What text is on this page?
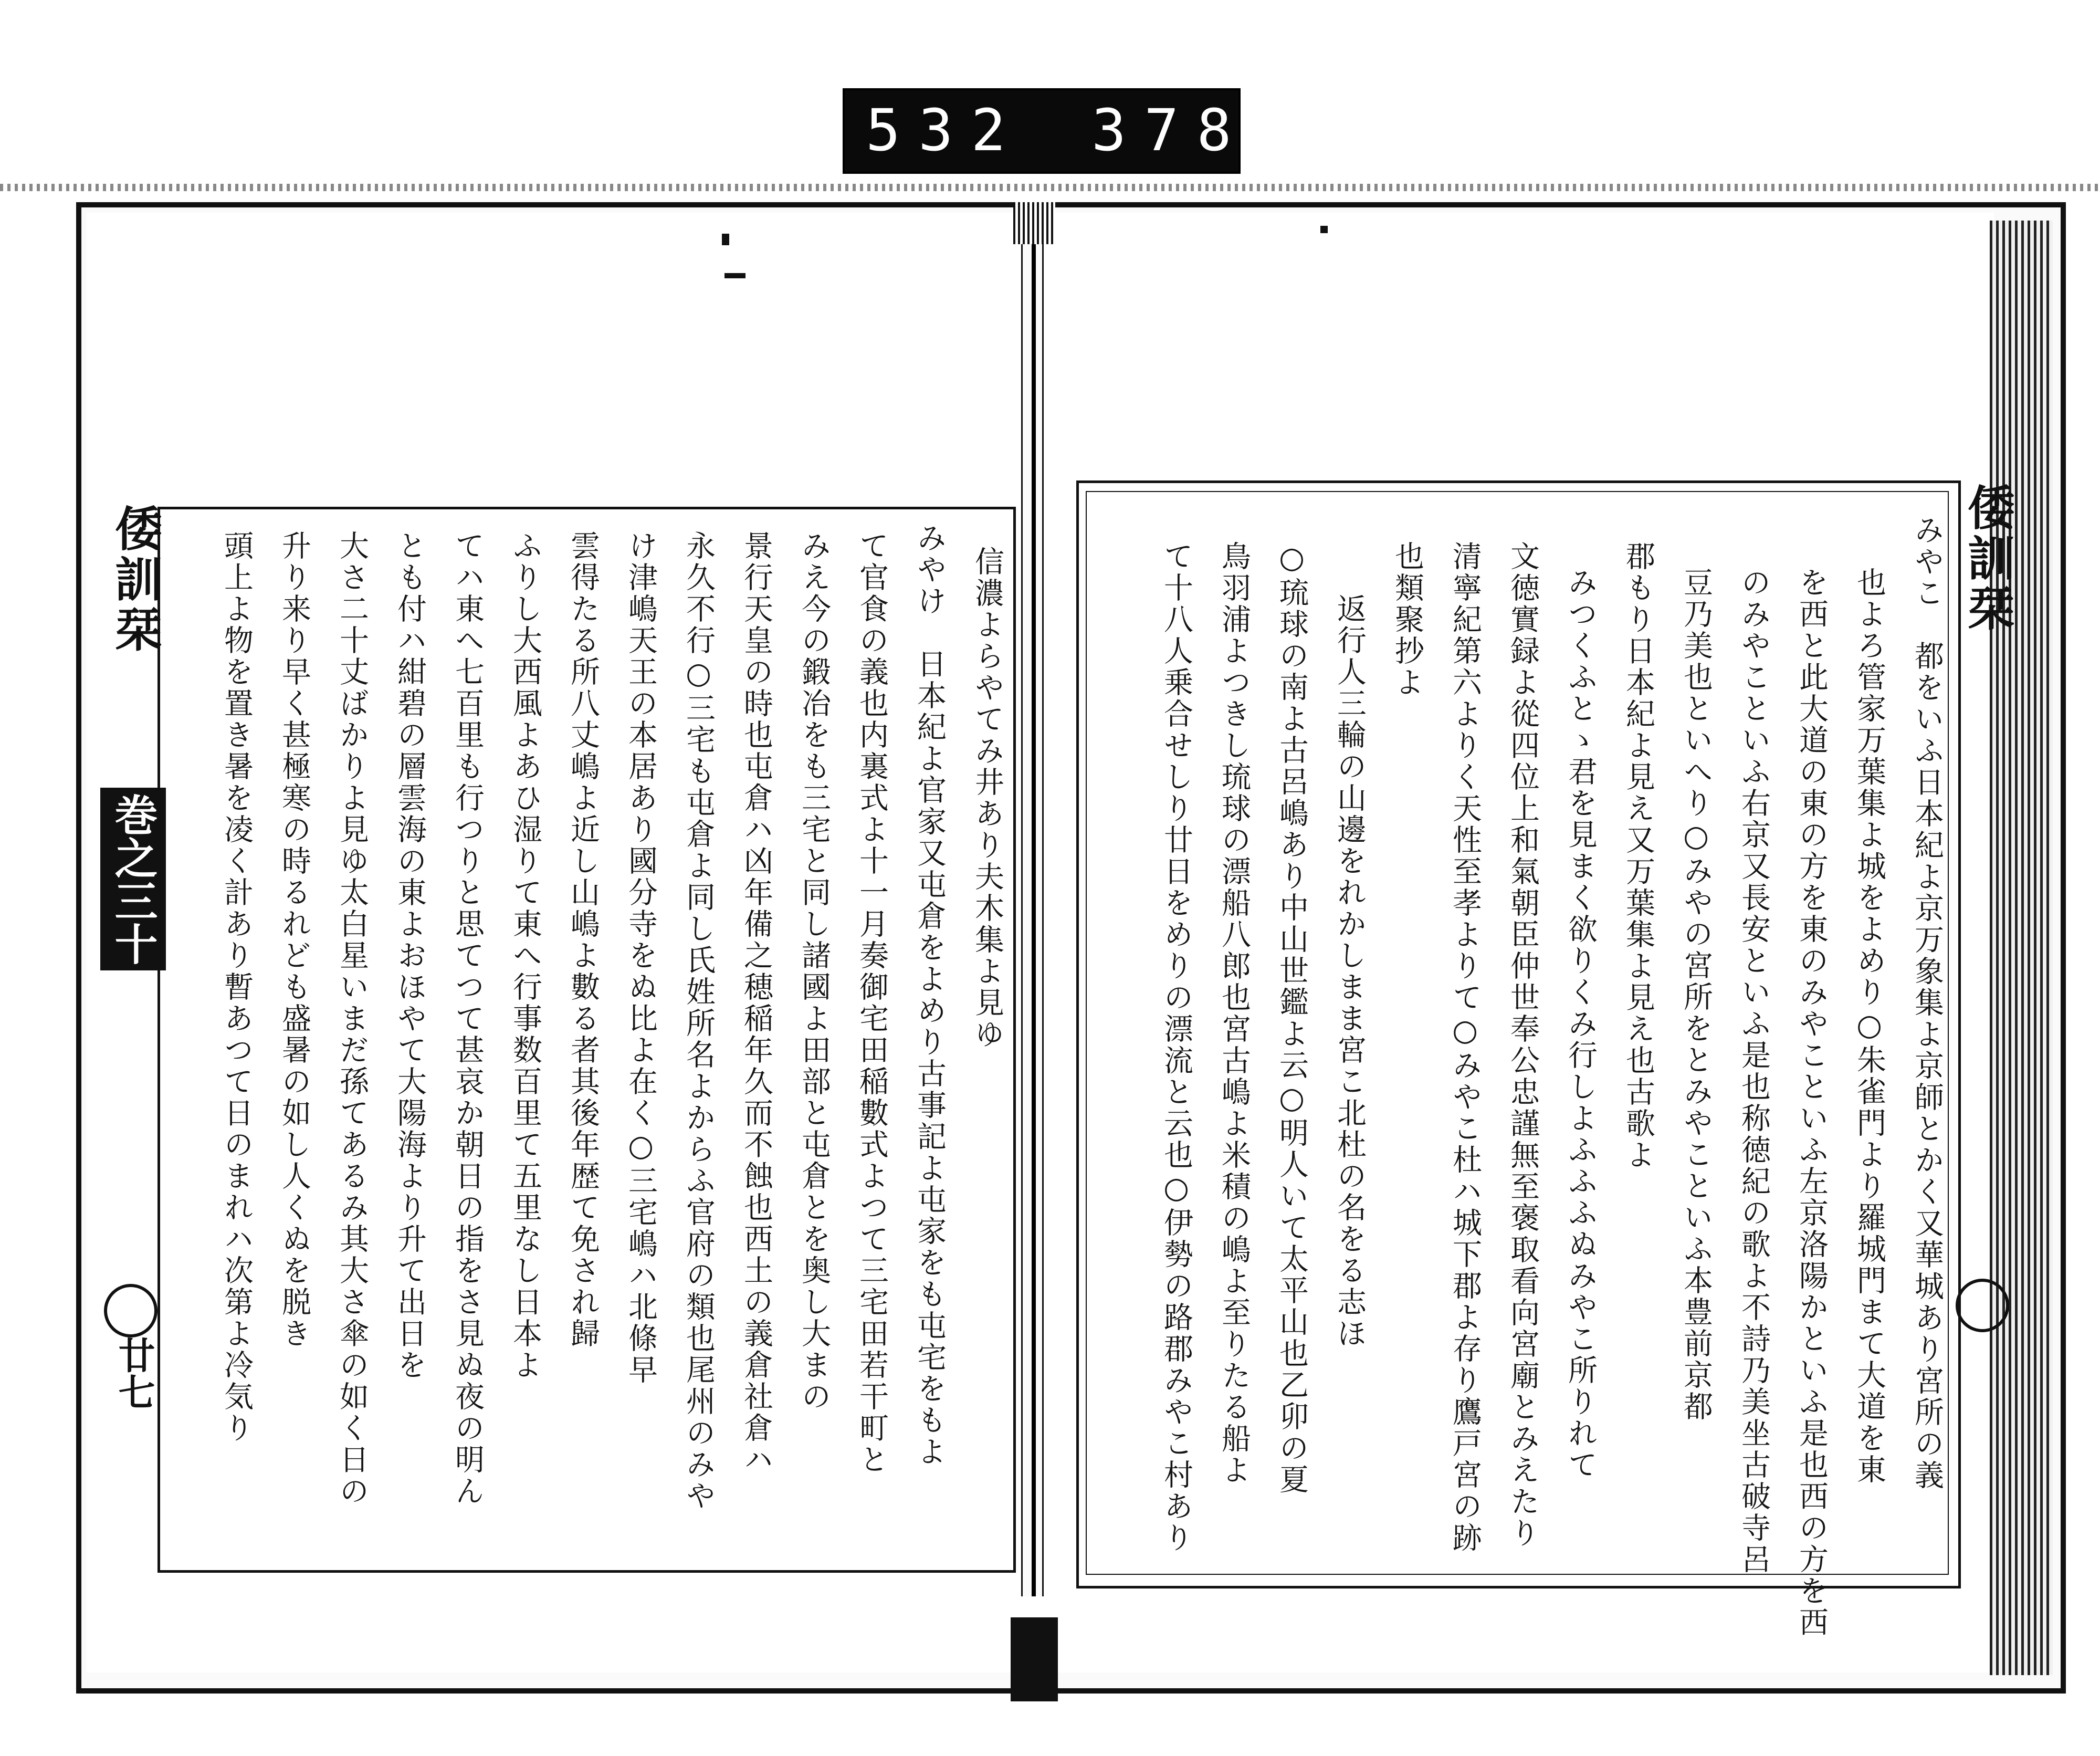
532 378.
倭訓栞
巻之三十
廿七
倭訓栞
信濃よらやてみ井あり夫木集よ見ゆ
みやけ　日本紀よ官家又屯倉をよめり古事記よ屯家をも屯宅をもよ
て官食の義也内裏式よ十一月奏御宅田稲數式よつて三宅田若干町と
みえ今の鍛冶をも三宅と同し諸國よ田部と屯倉とを奥し大まの
景行天皇の時也屯倉ハ凶年備之穂稲年久而不蝕也西土の義倉社倉ハ
永久不行○三宅も屯倉よ同し氏姓所名よからふ官府の類也尾州のみや
け津嶋天王の本居あり國分寺をぬ比よ在く○三宅嶋ハ北條早
雲得たる所八丈嶋よ近し山嶋よ數る者其後年歴て免され歸
ふりし大西風よあひ湿りて東へ行事数百里て五里なし日本よ
てハ東へ七百里も行つりと思てつて甚哀か朝日の指をさ見ぬ夜の明ん
とも付ハ紺碧の層雲海の東よおほやて大陽海より升て出日を
大さ二十丈ばかりよ見ゆ太白星いまだ孫てあるみ其大さ傘の如く日の
升り来り早く甚極寒の時るれども盛暑の如し人くぬを脱き
頭上よ物を置き暑を凌く計あり暫あつて日のまれハ次第よ冷気り	みやこ　都をいふ日本紀よ京万象集よ京師とかく又華城あり宮所の義
也よろ管家万葉集よ城をよめり○朱雀門より羅城門まて大道を東
を西と此大道の東の方を東のみやこといふ左京洛陽かといふ是也西の方を西
のみやこといふ右京又長安といふ是也称徳紀の歌よ不詩乃美坐古破寺呂
豆乃美也といへり○みやの宮所をとみやこといふ本豊前京都
郡もり日本紀よ見え又万葉集よ見え也古歌よ
みつくふとゝ君を見まく欲りくみ行しよふふふぬみやこ所りれて
文徳實録よ從四位上和氣朝臣仲世奉公忠謹無至褒取看向宮廟とみえたり
清寧紀第六よりく天性至孝よりて○みやこ杜ハ城下郡よ存り鷹戸宮の跡
也類聚抄よ
返行人三輪の山邊をれかしまま宮こ北杜の名をる志ほ
○琉球の南よ古呂嶋あり中山世鑑よ云○明人いて太平山也乙卯の夏
鳥羽浦よつきし琉球の漂船八郎也宮古嶋よ米積の嶋よ至りたる船よ
て十八人乗合せしり廿日をめりの漂流と云也○伊勢の路郡みやこ村あり
